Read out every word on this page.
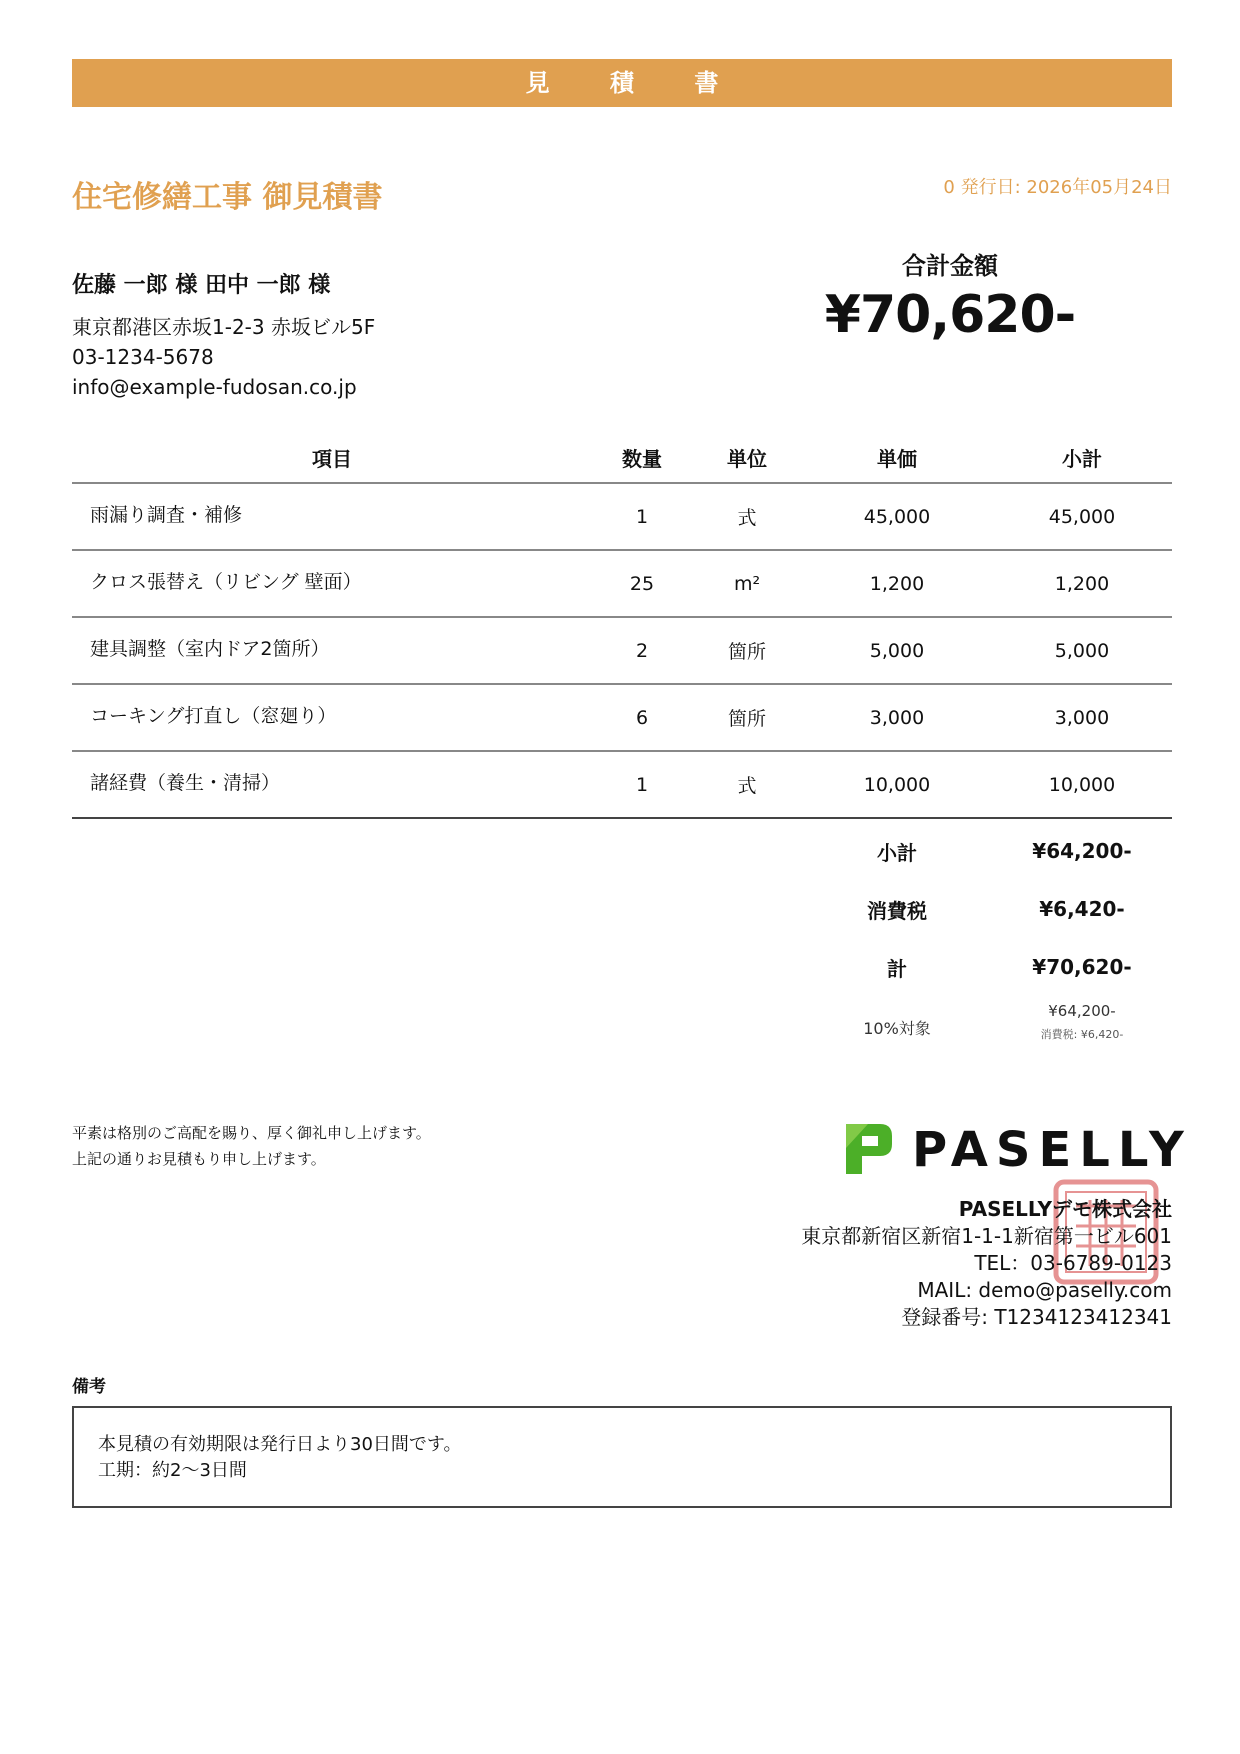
見 積 書
住宅修繕工事 御見積書	0 発行日: 2026年05月24日
佐藤 一郎 様 田中 一郎 様
東京都港区赤坂1-2-3 赤坂ビル5F
03-1234-5678
info@example-fudosan.co.jp
合計金額
¥70,620-
項目	数量	単位	単価	小計
雨漏り調査・補修	1	式	45,000	45,000
クロス張替え（リビング 壁面）	25	m²	1,200	1,200
建具調整（室内ドア2箇所）	2	箇所	5,000	5,000
コーキング打直し（窓廻り）	6	箇所	3,000	3,000
諸経費（養生・清掃）	1	式	10,000	10,000
小計	¥64,200-
消費税	¥6,420-
計	¥70,620-
10%対象
¥64,200-
消費税: ¥6,420-
平素は格別のご高配を賜り、厚く御礼申し上げます。
上記の通りお見積もり申し上げます。	PASELLY
PASELLYデモ株式会社
東京都新宿区新宿1-1-1新宿第一ビル601
TEL：03-6789-0123
MAIL: demo@paselly.com
登録番号: T1234123412341
備考
本見積の有効期限は発行日より30日間です。
工期：約2〜3日間
